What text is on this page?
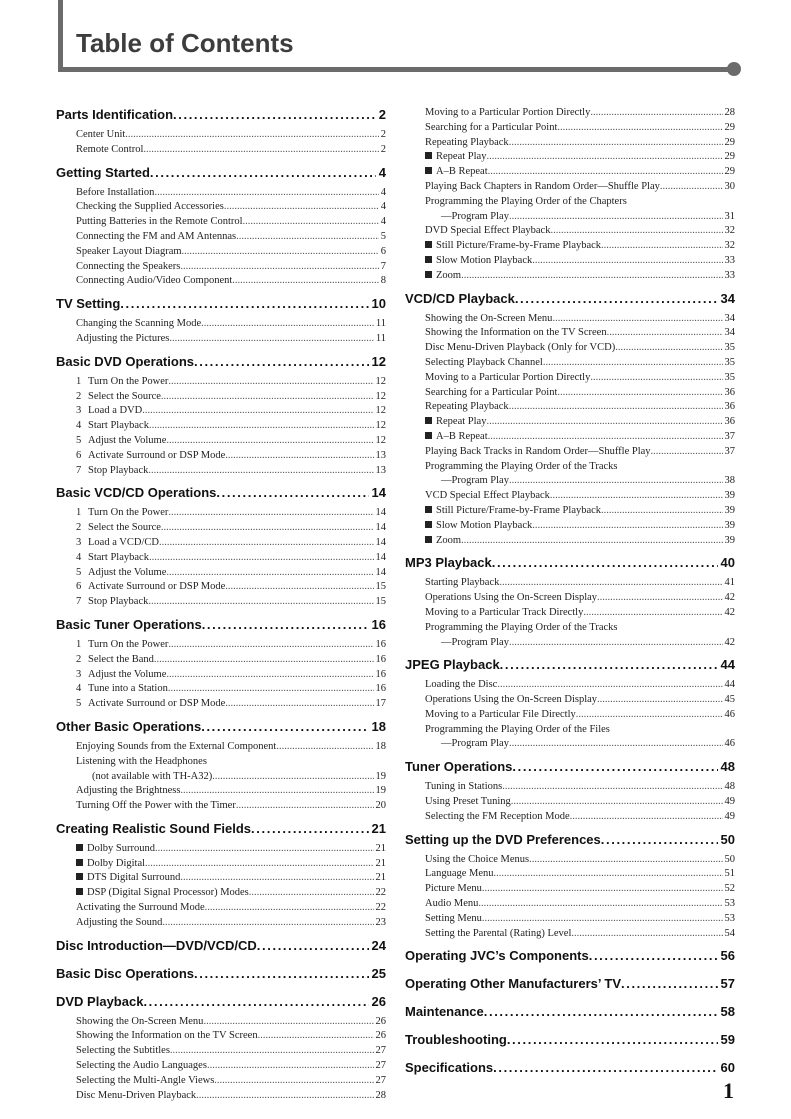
Table of Contents
Parts Identification . . .	2
Center Unit .....	2
Remote Control .....	2
Getting Started . . .	4
Before Installation .....	4
Checking the Supplied Accessories .....	4
Putting Batteries in the Remote Control .....	4
Connecting the FM and AM Antennas .....	5
Speaker Layout Diagram .....	6
Connecting the Speakers .....	7
Connecting Audio/Video Component .....	8
TV Setting . . .	10
Changing the Scanning Mode .....	11
Adjusting the Pictures .....	11
Basic DVD Operations . . .	12
1 Turn On the Power .....	12
2 Select the Source .....	12
3 Load a DVD .....	12
4 Start Playback .....	12
5 Adjust the Volume .....	12
6 Activate Surround or DSP Mode .....	13
7 Stop Playback .....	13
Basic VCD/CD Operations . . .	14
1 Turn On the Power .....	14
2 Select the Source .....	14
3 Load a VCD/CD .....	14
4 Start Playback .....	14
5 Adjust the Volume .....	14
6 Activate Surround or DSP Mode .....	15
7 Stop Playback .....	15
Basic Tuner Operations . . .	16
1 Turn On the Power .....	16
2 Select the Band .....	16
3 Adjust the Volume .....	16
4 Tune into a Station .....	16
5 Activate Surround or DSP Mode .....	17
Other Basic Operations . . .	18
Enjoying Sounds from the External Component .....	18
Listening with the Headphones
(not available with TH-A32) .....	19
Adjusting the Brightness .....	19
Turning Off the Power with the Timer .....	20
Creating Realistic Sound Fields . . .	21
Dolby Surround .....	21
Dolby Digital .....	21
DTS Digital Surround .....	21
DSP (Digital Signal Processor) Modes .....	22
Activating the Surround Mode .....	22
Adjusting the Sound .....	23
Disc Introduction—DVD/VCD/CD . . .	24
Basic Disc Operations . . .	25
DVD Playback . . .	26
Showing the On-Screen Menu .....	26
Showing the Information on the TV Screen .....	26
Selecting the Subtitles .....	27
Selecting the Audio Languages .....	27
Selecting the Multi-Angle Views .....	27
Disc Menu-Driven Playback .....	28
Moving to a Particular Portion Directly .....	28
Searching for a Particular Point .....	29
Repeating Playback .....	29
Repeat Play .....	29
A–B Repeat .....	29
Playing Back Chapters in Random Order—Shuffle Play .....	30
Programming the Playing Order of the Chapters
—Program Play .....	31
DVD Special Effect Playback .....	32
Still Picture/Frame-by-Frame Playback .....	32
Slow Motion Playback .....	33
Zoom .....	33
VCD/CD Playback . . .	34
Showing the On-Screen Menu .....	34
Showing the Information on the TV Screen .....	34
Disc Menu-Driven Playback (Only for VCD) .....	35
Selecting Playback Channel .....	35
Moving to a Particular Portion Directly .....	35
Searching for a Particular Point .....	36
Repeating Playback .....	36
Repeat Play .....	36
A–B Repeat .....	37
Playing Back Tracks in Random Order—Shuffle Play .....	37
Programming the Playing Order of the Tracks
—Program Play .....	38
VCD Special Effect Playback .....	39
Still Picture/Frame-by-Frame Playback .....	39
Slow Motion Playback .....	39
Zoom .....	39
MP3 Playback . . .	40
Starting Playback .....	41
Operations Using the On-Screen Display .....	42
Moving to a Particular Track Directly .....	42
Programming the Playing Order of the Tracks
—Program Play .....	42
JPEG Playback . . .	44
Loading the Disc .....	44
Operations Using the On-Screen Display .....	45
Moving to a Particular File Directly .....	46
Programming the Playing Order of the Files
—Program Play .....	46
Tuner Operations . . .	48
Tuning in Stations .....	48
Using Preset Tuning .....	49
Selecting the FM Reception Mode .....	49
Setting up the DVD Preferences . . .	50
Using the Choice Menus .....	50
Language Menu .....	51
Picture Menu .....	52
Audio Menu .....	53
Setting Menu .....	53
Setting the Parental (Rating) Level .....	54
Operating JVC’s Components . . .	56
Operating Other Manufacturers’ TV . . .	57
Maintenance . . .	58
Troubleshooting . . .	59
Specifications . . .	60
1
